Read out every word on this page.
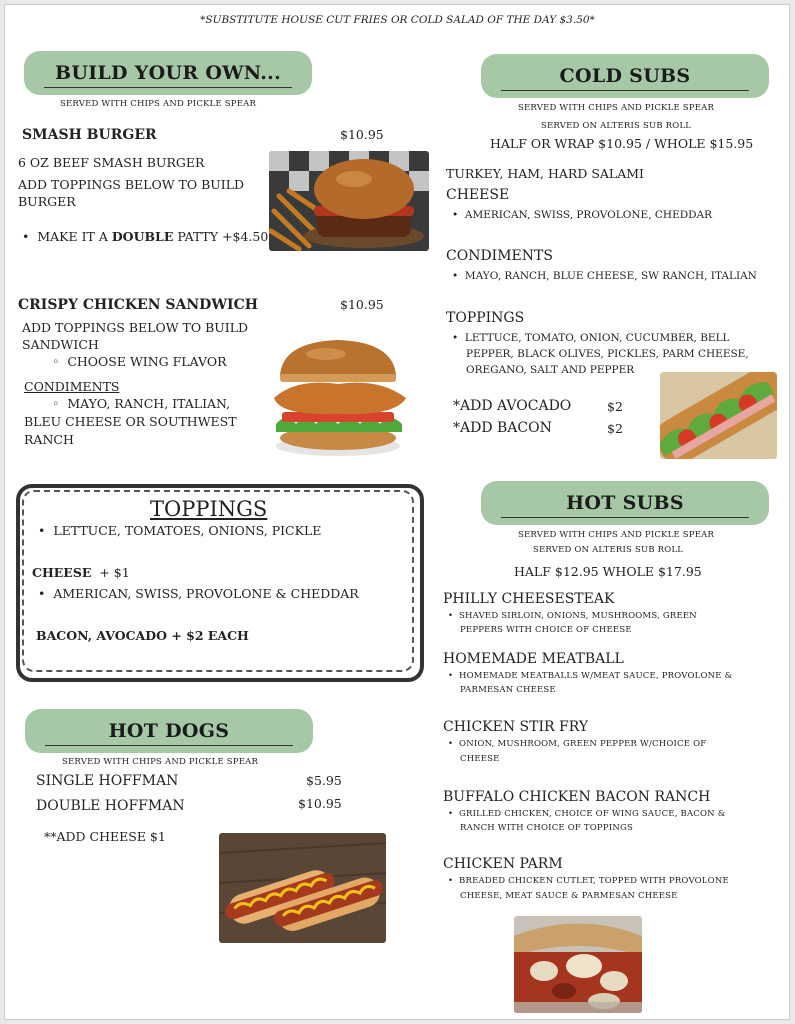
*SUBSTITUTE HOUSE CUT FRIES OR COLD SALAD OF THE DAY $3.50*
BUILD YOUR OWN...
SERVED WITH CHIPS AND PICKLE SPEAR
SMASH BURGER	$10.95
6 OZ BEEF SMASH BURGER
ADD TOPPINGS BELOW TO BUILD
BURGER
•  MAKE IT A DOUBLE PATTY +$4.50
CRISPY CHICKEN SANDWICH	$10.95
ADD TOPPINGS BELOW TO BUILD
SANDWICH
◦  CHOOSE WING FLAVOR
CONDIMENTS
◦  MAYO, RANCH, ITALIAN,
BLEU CHEESE OR SOUTHWEST
RANCH
TOPPINGS
•  LETTUCE, TOMATOES, ONIONS, PICKLE
CHEESE + $1
•  AMERICAN, SWISS, PROVOLONE & CHEDDAR
BACON, AVOCADO + $2 EACH
HOT DOGS
SERVED WITH CHIPS AND PICKLE SPEAR
SINGLE HOFFMAN	$5.95
DOUBLE HOFFMAN	$10.95
**ADD CHEESE $1
COLD SUBS
SERVED WITH CHIPS AND PICKLE SPEAR
SERVED ON ALTERIS SUB ROLL
HALF OR WRAP $10.95 / WHOLE $15.95
TURKEY, HAM, HARD SALAMI
CHEESE
•  AMERICAN, SWISS, PROVOLONE, CHEDDAR
CONDIMENTS
•  MAYO, RANCH, BLUE CHEESE, SW RANCH, ITALIAN
TOPPINGS
•  LETTUCE, TOMATO, ONION, CUCUMBER, BELL
PEPPER, BLACK OLIVES, PICKLES, PARM CHEESE,
OREGANO, SALT AND PEPPER
*ADD AVOCADO	$2
*ADD BACON	$2
HOT SUBS
SERVED WITH CHIPS AND PICKLE SPEAR
SERVED ON ALTERIS SUB ROLL
HALF $12.95 WHOLE $17.95
PHILLY CHEESESTEAK
•  SHAVED SIRLOIN, ONIONS, MUSHROOMS, GREEN
PEPPERS WITH CHOICE OF CHEESE
HOMEMADE MEATBALL
•  HOMEMADE MEATBALLS W/MEAT SAUCE, PROVOLONE &
PARMESAN CHEESE
CHICKEN STIR FRY
•  ONION, MUSHROOM, GREEN PEPPER W/CHOICE OF
CHEESE
BUFFALO CHICKEN BACON RANCH
•  GRILLED CHICKEN, CHOICE OF WING SAUCE, BACON &
RANCH WITH CHOICE OF TOPPINGS
CHICKEN PARM
•  BREADED CHICKEN CUTLET, TOPPED WITH PROVOLONE
CHEESE, MEAT SAUCE & PARMESAN CHEESE
